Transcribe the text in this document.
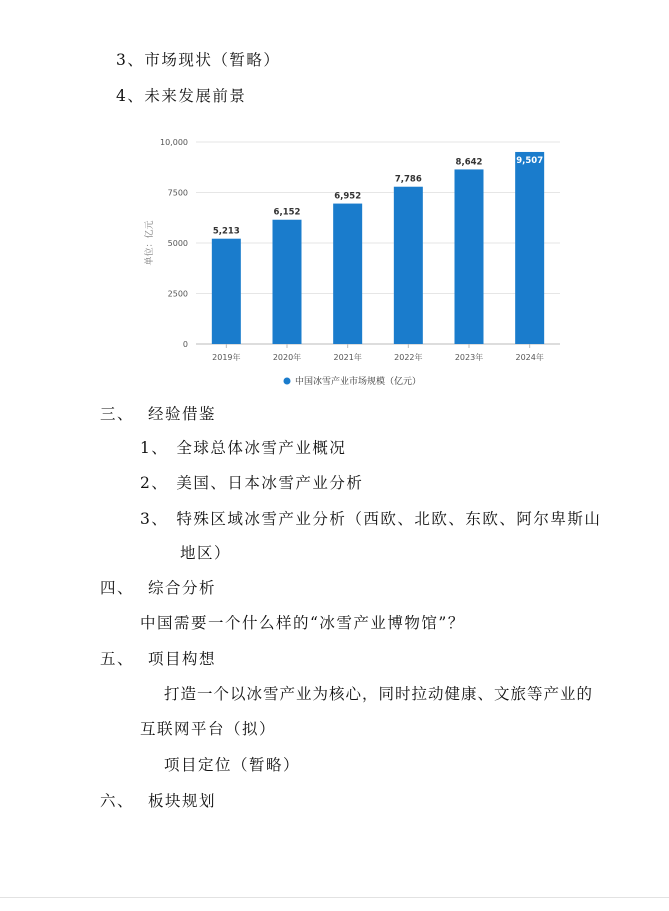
3、市场现状（暂略）
4、未来发展前景
0
2500
5000
7500
10,000
单位：亿元	5,213
6,152
6,952
7,786
8,642	9,507
2019年	2020年	2021年	2022年	2023年	2024年
中国冰雪产业市场规模（亿元）
三、 经验借鉴
1、 全球总体冰雪产业概况
2、 美国、日本冰雪产业分析
3、 特殊区域冰雪产业分析（西欧、北欧、东欧、阿尔卑斯山
地区）
四、 综合分析
中国需要一个什么样的“冰雪产业博物馆”？
五、 项目构想
打造一个以冰雪产业为核心，同时拉动健康、文旅等产业的
互联网平台（拟）
项目定位（暂略）
六、 板块规划
